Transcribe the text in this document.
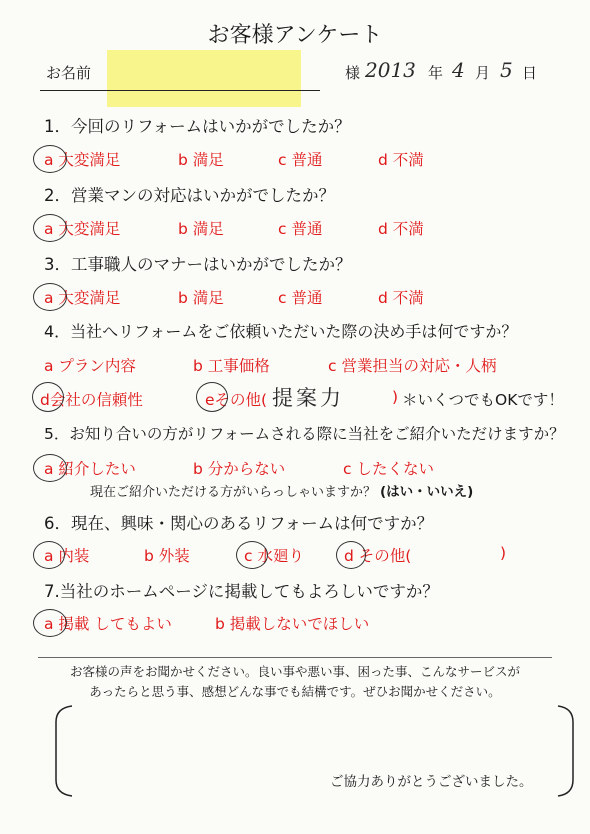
お客様アンケート
お名前	様 2013 年 4 月 5 日
1．今回のリフォームはいかがでしたか？
a 大変満足	b 満足	c 普通	d 不満
2．営業マンの対応はいかがでしたか？
a 大変満足	b 満足	c 普通	d 不満
3．工事職人のマナーはいかがでしたか？
a 大変満足	b 満足	c 普通	d 不満
4．当社へリフォームをご依頼いただいた際の決め手は何ですか？
a プラン内容	b 工事価格	c 営業担当の対応・人柄
d会社の信頼性	eその他( 提案力	) ＊いくつでもOKです！
5．お知り合いの方がリフォームされる際に当社をご紹介いただけますか？
a 紹介したい	b 分からない	c したくない
現在ご紹介いただける方がいらっしゃいますか？ (はい・いいえ)
6．現在、興味・関心のあるリフォームは何ですか？
a 内装	b 外装	c 水廻り	d その他(	)
7.当社のホームページに掲載してもよろしいですか？
a 掲載 してもよい	b 掲載しないでほしい
お客様の声をお聞かせください。良い事や悪い事、困った事、こんなサービスが
あったらと思う事、感想どんな事でも結構です。ぜひお聞かせください。
ご協力ありがとうございました。
